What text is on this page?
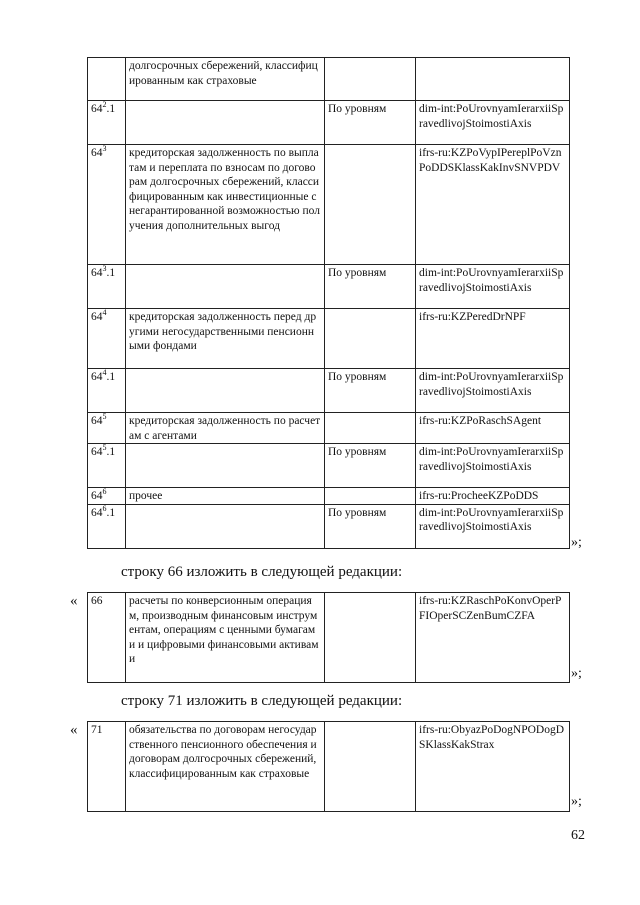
	долгосрочных сбережений, классифицированным как страховые		
$64^2.1$		По уровням	dim-int:PoUrovnyamIerarxiiSpravedlivojStoimostiAxis
$64^3$	кредиторская задолженность по выплатам и переплата по взносам по договорам долгосрочных сбережений, классифицированным как инвестиционные с негарантированной возможностью получения дополнительных выгод		ifrs-ru:KZPoVypIPereplPoVznPoDDSKlassKakInvSNVPDV
$64^3.1$		По уровням	dim-int:PoUrovnyamIerarxiiSpravedlivojStoimostiAxis
$64^4$	кредиторская задолженность перед другими негосударственными пенсионными фондами		ifrs-ru:KZPeredDrNPF
$64^4.1$		По уровням	dim-int:PoUrovnyamIerarxiiSpravedlivojStoimostiAxis
$64^5$	кредиторская задолженность по расчетам с агентами		ifrs-ru:KZPoRaschSAgent
$64^5.1$		По уровням	dim-int:PoUrovnyamIerarxiiSpravedlivojStoimostiAxis
$64^6$	прочее		ifrs-ru:ProcheeKZPoDDS
$64^6.1$		По уровням	dim-int:PoUrovnyamIerarxiiSpravedlivojStoimostiAxis
»;
строку 66 изложить в следующей редакции:
« 66	расчеты по конверсионным операциям, производным финансовым инструментам, операциям с ценными бумагами и цифровыми финансовыми активами		ifrs-ru:KZRaschPoKonvOperPFIOperSCZenBumCZFA
»;
строку 71 изложить в следующей редакции:
« 71	обязательства по договорам негосударственного пенсионного обеспечения и договорам долгосрочных сбережений, классифицированным как страховые		ifrs-ru:ObyazPoDogNPODogDSKlassKakStrax
»;
62
